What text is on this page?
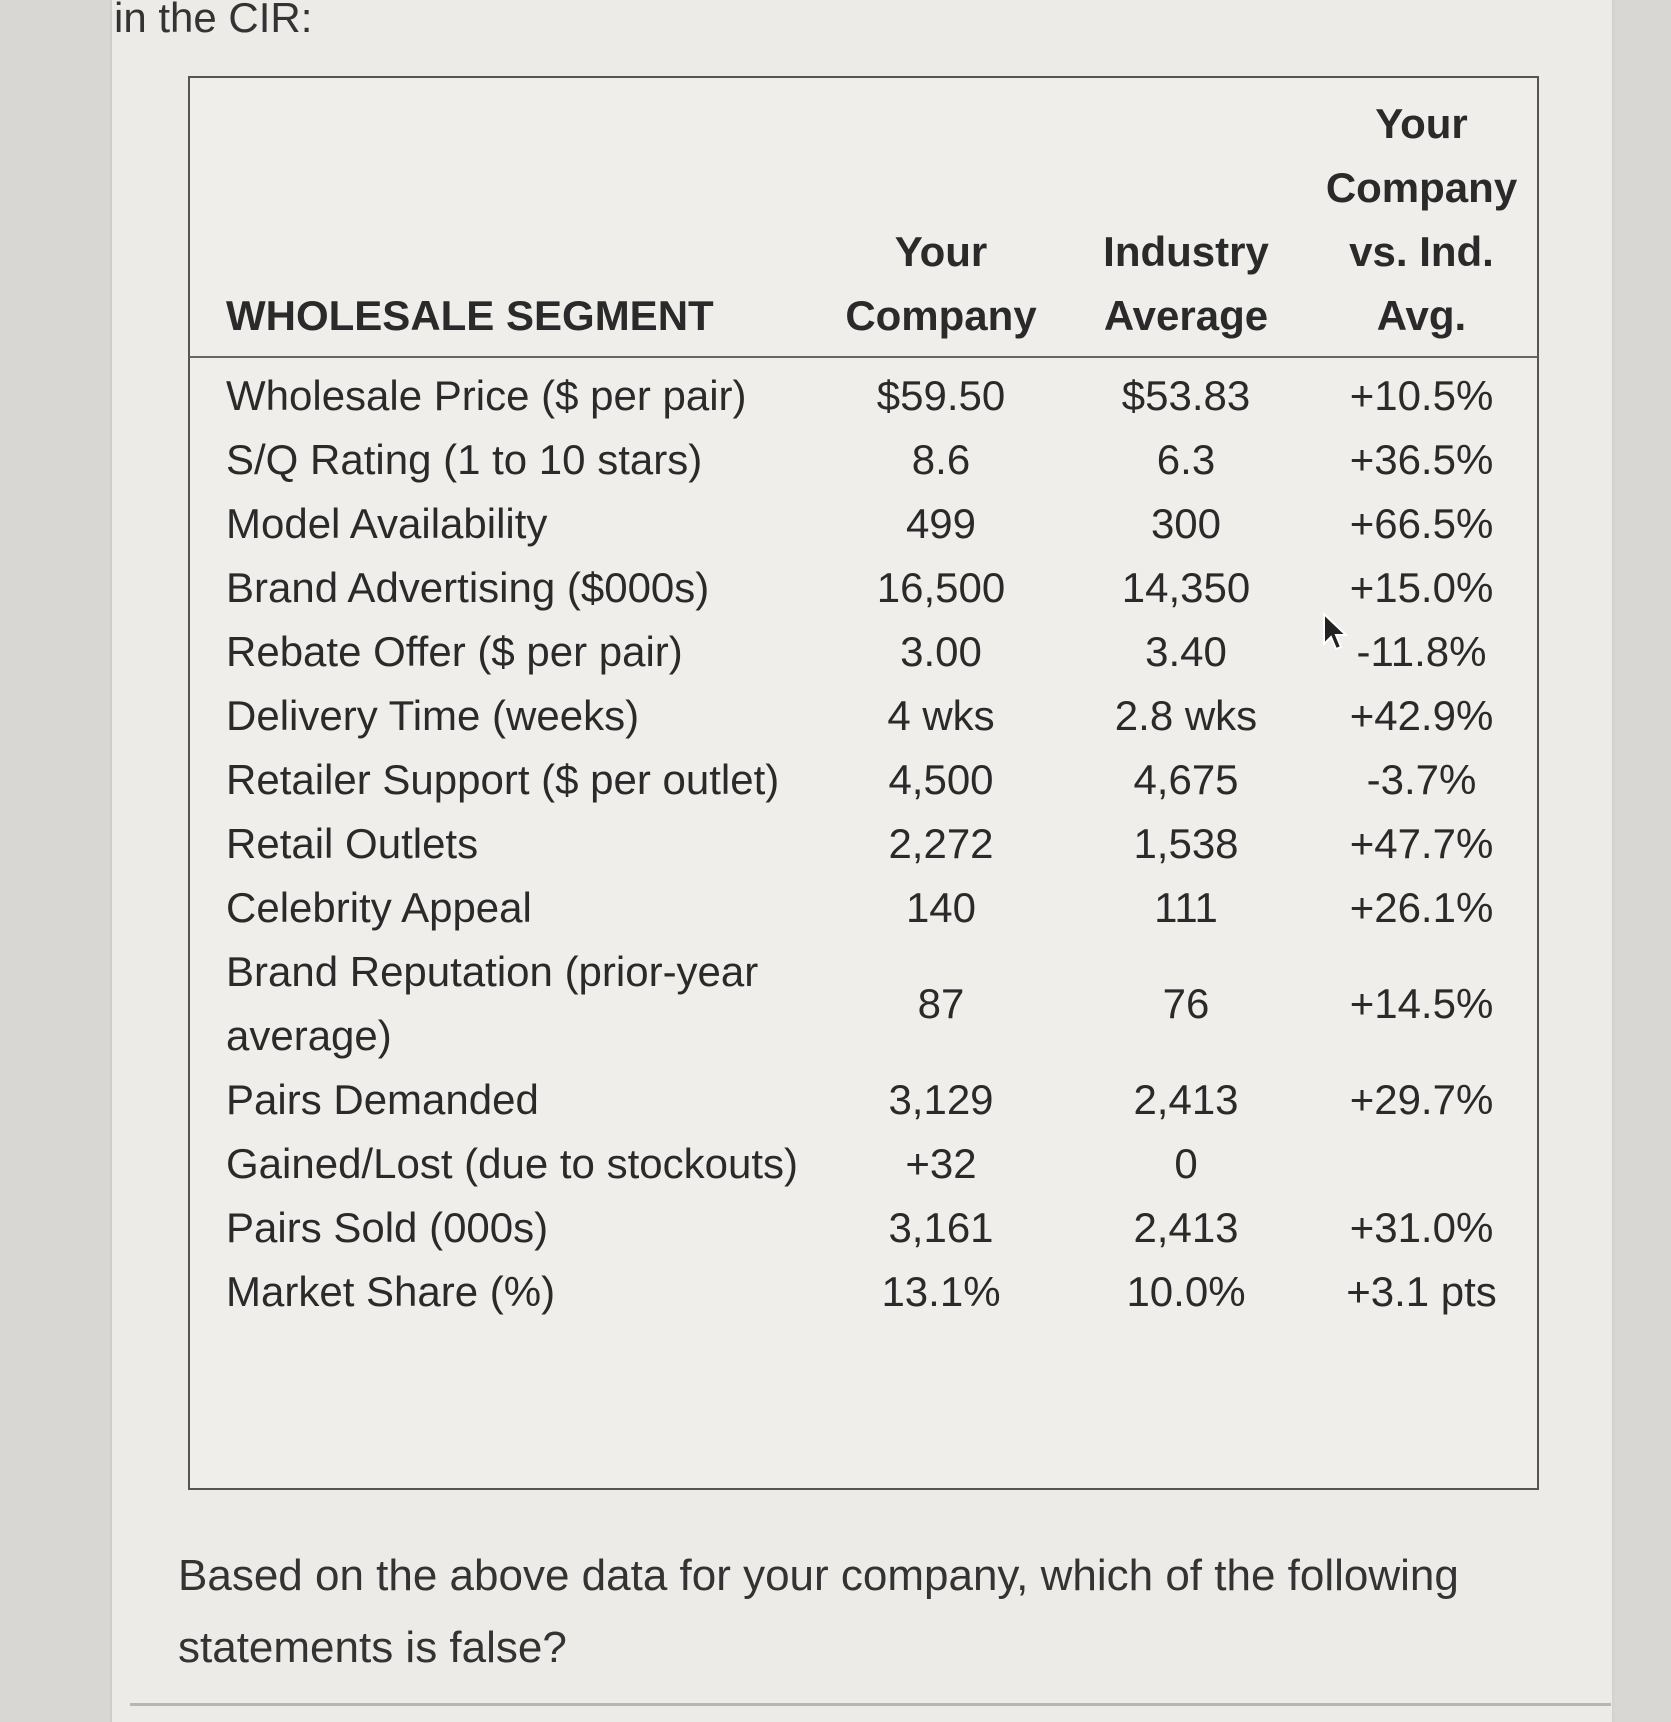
in the CIR:

WHOLESALE SEGMENT	Your Company	Industry Average	Your Company vs. Ind. Avg.
Wholesale Price ($ per pair)	$59.50	$53.83	+10.5%
S/Q Rating (1 to 10 stars)	8.6	6.3	+36.5%
Model Availability	499	300	+66.5%
Brand Advertising ($000s)	16,500	14,350	+15.0%
Rebate Offer ($ per pair)	3.00	3.40	-11.8%
Delivery Time (weeks)	4 wks	2.8 wks	+42.9%
Retailer Support ($ per outlet)	4,500	4,675	-3.7%
Retail Outlets	2,272	1,538	+47.7%
Celebrity Appeal	140	111	+26.1%
Brand Reputation (prior-year average)	87	76	+14.5%
Pairs Demanded	3,129	2,413	+29.7%
Gained/Lost (due to stockouts)	+32	0	
Pairs Sold (000s)	3,161	2,413	+31.0%
Market Share (%)	13.1%	10.0%	+3.1 pts

Based on the above data for your company, which of the following statements is false?
